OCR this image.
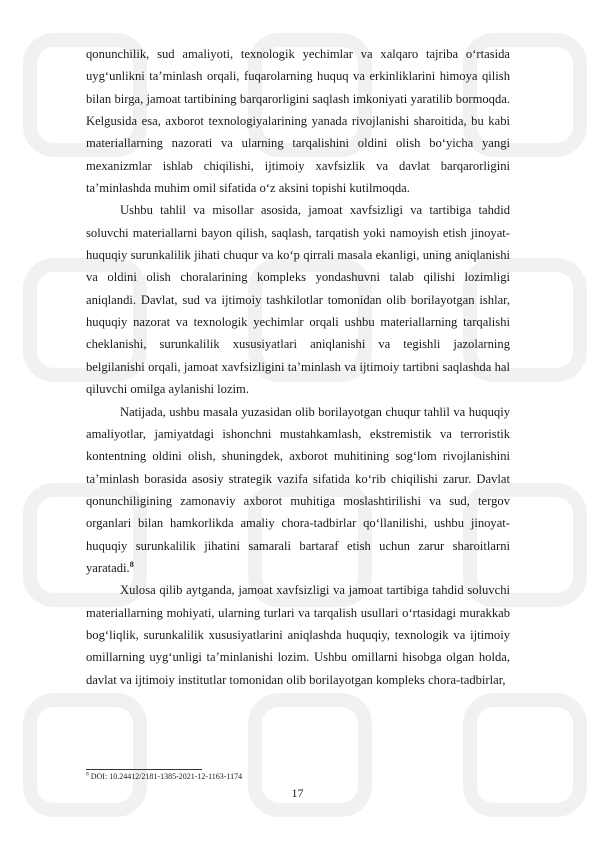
qonunchilik, sud amaliyoti, texnologik yechimlar va xalqaro tajriba o‘rtasida uyg‘unlikni ta’minlash orqali, fuqarolarning huquq va erkinliklarini himoya qilish bilan birga, jamoat tartibining barqarorligini saqlash imkoniyati yaratilib bormoqda. Kelgusida esa, axborot texnologiyalarining yanada rivojlanishi sharoitida, bu kabi materiallarning nazorati va ularning tarqalishini oldini olish bo‘yicha yangi mexanizmlar ishlab chiqilishi, ijtimoiy xavfsizlik va davlat barqarorligini ta’minlashda muhim omil sifatida o‘z aksini topishi kutilmoqda.

Ushbu tahlil va misollar asosida, jamoat xavfsizligi va tartibiga tahdid soluvchi materiallarni bayon qilish, saqlash, tarqatish yoki namoyish etish jinoyat-huquqiy surunkalilik jihati chuqur va ko‘p qirrali masala ekanligi, uning aniqlanishi va oldini olish choralarining kompleks yondashuvni talab qilishi lozimligi aniqlandi. Davlat, sud va ijtimoiy tashkilotlar tomonidan olib borilayotgan ishlar, huquqiy nazorat va texnologik yechimlar orqali ushbu materiallarning tarqalishi cheklanishi, surunkalilik xususiyatlari aniqlanishi va tegishli jazolarning belgilanishi orqali, jamoat xavfsizligini ta’minlash va ijtimoiy tartibni saqlashda hal qiluvchi omilga aylanishi lozim.

Natijada, ushbu masala yuzasidan olib borilayotgan chuqur tahlil va huquqiy amaliyotlar, jamiyatdagi ishonchni mustahkamlash, ekstremistik va terroristik kontentning oldini olish, shuningdek, axborot muhitining sog‘lom rivojlanishini ta’minlash borasida asosiy strategik vazifa sifatida ko‘rib chiqilishi zarur. Davlat qonunchiligining zamonaviy axborot muhitiga moslashtirilishi va sud, tergov organlari bilan hamkorlikda amaliy chora-tadbirlar qo‘llanilishi, ushbu jinoyat-huquqiy surunkalilik jihatini samarali bartaraf etish uchun zarur sharoitlarni yaratadi.$^8$

Xulosa qilib aytganda, jamoat xavfsizligi va jamoat tartibiga tahdid soluvchi materiallarning mohiyati, ularning turlari va tarqalish usullari o‘rtasidagi murakkab bog‘liqlik, surunkalilik xususiyatlarini aniqlashda huquqiy, texnologik va ijtimoiy omillarning uyg‘unligi ta’minlanishi lozim. Ushbu omillarni hisobga olgan holda, davlat va ijtimoiy institutlar tomonidan olib borilayotgan kompleks chora-tadbirlar,

$^8$ DOI: 10.24412/2181-1385-2021-12-1163-1174
17
